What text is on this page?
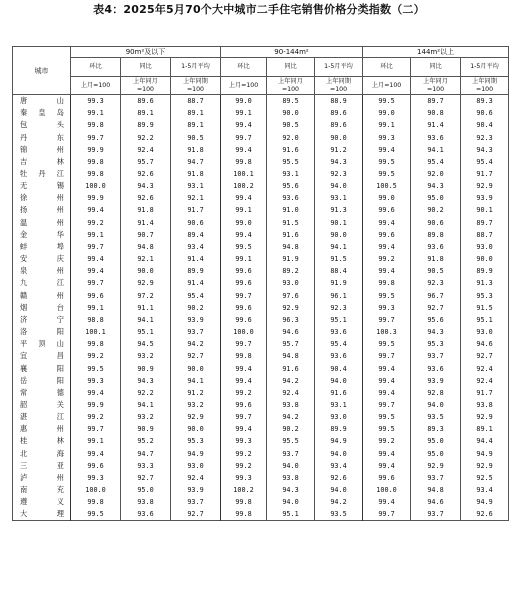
表4：2025年5月70个大中城市二手住宅销售价格分类指数（二）
城市	90m²及以下			90-144m²			144m²以上		
	环比	同比	1-5月平均	环比	同比	1-5月平均	环比	同比	1-5月平均
	上月=100	上年同月=100	上年同期=100	上月=100	上年同月=100	上年同期=100	上月=100	上年同月=100	上年同期=100
唐山	99.3	89.6	88.7	99.0	89.5	88.9	99.5	89.7	89.3
秦皇岛	99.1	89.1	89.1	99.1	90.0	89.6	99.0	90.8	90.6
包头	99.8	89.9	89.1	99.4	90.5	89.6	99.1	91.4	90.4
丹东	99.7	92.2	90.5	99.7	92.0	90.0	99.3	93.6	92.3
锦州	99.9	92.4	91.8	99.4	91.6	91.2	99.4	94.1	94.3
吉林	99.8	95.7	94.7	99.8	95.5	94.3	99.5	95.4	95.4
牡丹江	99.8	92.6	91.8	100.1	93.1	92.3	99.5	92.0	91.7
无锡	100.0	94.3	93.1	100.2	95.6	94.0	100.5	94.3	92.9
徐州	99.9	92.6	92.1	99.4	93.6	93.1	99.0	95.0	93.9
扬州	99.4	91.8	91.7	99.1	91.0	91.3	99.6	90.2	90.1
温州	99.2	91.4	90.6	99.0	91.5	90.1	99.4	90.6	89.7
金华	99.1	90.7	89.4	99.4	91.6	90.0	99.6	89.8	88.7
蚌埠	99.7	94.8	93.4	99.5	94.8	94.1	99.4	93.6	93.0
安庆	99.4	92.1	91.4	99.1	91.9	91.5	99.2	91.8	90.0
泉州	99.4	90.0	89.9	99.6	89.2	88.4	99.4	90.5	89.9
九江	99.7	92.9	91.4	99.6	93.0	91.9	99.8	92.3	91.3
赣州	99.6	97.2	95.4	99.7	97.6	96.1	99.5	96.7	95.3
烟台	99.1	91.1	90.2	99.6	92.9	92.3	99.3	92.7	91.5
济宁	98.8	94.1	93.9	99.6	96.3	95.1	99.7	95.6	95.1
洛阳	100.1	95.1	93.7	100.0	94.6	93.6	100.3	94.3	93.0
平顶山	99.8	94.5	94.2	99.7	95.7	95.4	99.5	95.3	94.6
宜昌	99.2	93.2	92.7	99.8	94.8	93.6	99.7	93.7	92.7
襄阳	99.5	90.9	90.0	99.4	91.6	90.4	99.4	93.6	92.4
岳阳	99.3	94.3	94.1	99.4	94.2	94.0	99.4	93.9	92.4
常德	99.4	92.2	91.2	99.2	92.4	91.6	99.4	92.8	91.7
韶关	99.9	94.1	93.2	99.6	93.8	93.1	99.7	94.0	93.8
湛江	99.2	93.2	92.9	99.7	94.2	93.0	99.5	93.5	92.9
惠州	99.7	90.9	90.0	99.4	90.2	89.9	99.5	89.3	89.1
桂林	99.1	95.2	95.3	99.3	95.5	94.9	99.2	95.0	94.4
北海	99.4	94.7	94.9	99.2	93.7	94.0	99.4	95.0	94.9
三亚	99.6	93.3	93.0	99.2	94.0	93.4	99.4	92.9	92.9
泸州	99.3	92.7	92.4	99.3	93.8	92.6	99.6	93.7	92.5
南充	100.0	95.0	93.9	100.2	94.3	94.0	100.0	94.8	93.4
遵义	99.8	93.8	93.7	99.8	94.0	94.2	99.4	94.6	94.9
大理	99.5	93.6	92.7	99.8	95.1	93.5	99.7	93.7	92.6
